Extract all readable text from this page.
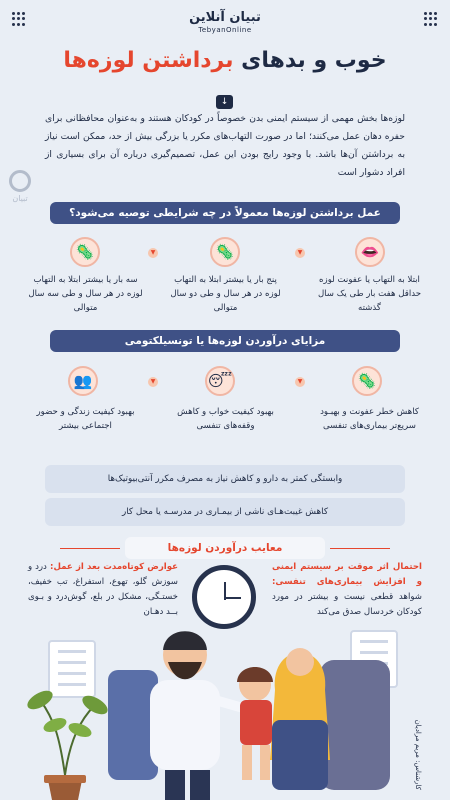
تبیان آنلاین
TebyanOnline
خوب و بدهای برداشتن لوزه‌ها
↓

لوزه‌ها بخش مهمی از سیستم ایمنی بدن خصوصاً در کودکان هستند و به‌عنوان محافظانی برای حفره دهان عمل می‌کنند؛ اما در صورت التهاب‌های مکرر یا بزرگی بیش از حد، ممکن است نیاز به برداشتن آن‌ها باشد. با وجود رایج بودن این عمل، تصمیم‌گیری درباره آن برای بسیاری از افراد دشوار است

تبیان
عمل برداشتن لوزه‌ها معمولاً در چه شرایطی توصیه می‌شود؟
👄
▼
🦠
▼
🦠
ابتلا به التهاب یا عفونت لوزه حداقل هفت بار طی یک سال گذشته
پنج بار یا بیشتر ابتلا به التهاب لوزه در هر سال و طی دو سال متوالی
سه بار یا بیشتر ابتلا به التهاب لوزه در هر سال و طی سه سال متوالی
مزایای درآوردن لوزه‌ها یا تونسیلکتومی
🦠
▼
😴
▼
👥
کاهش خطر عفونت و بهبـود سریع‌تر بیماری‌های تنفسی
بهبود کیفیت خواب و کاهش وقفه‌های تنفسی
بهبود کیفیت زندگی و حضور اجتماعی بیشتر
وابستگی کمتر به دارو و کاهش نیاز به مصرف مکرر آنتی‌بیوتیک‌ها
کاهش غیبت‌هـای ناشی از بیمـاری در مدرسـه یا محل کار
معایب درآوردن لوزه‌ها
احتمال اثر موقت بر سیستم ایمنی و افزایش بیماری‌های تنفسی: شواهد قطعی نیست و بیشتر در مورد کودکان خردسال صدق می‌کند
عوارض کوتاه‌مدت بعد از عمل: درد و سوزش گلو، تهوع، استفراغ، تب خفیف، خستـگی، مشکل در بلع، گوش‌درد و بـوی بــد دهـان
کارشناس: مریم مرادیان
